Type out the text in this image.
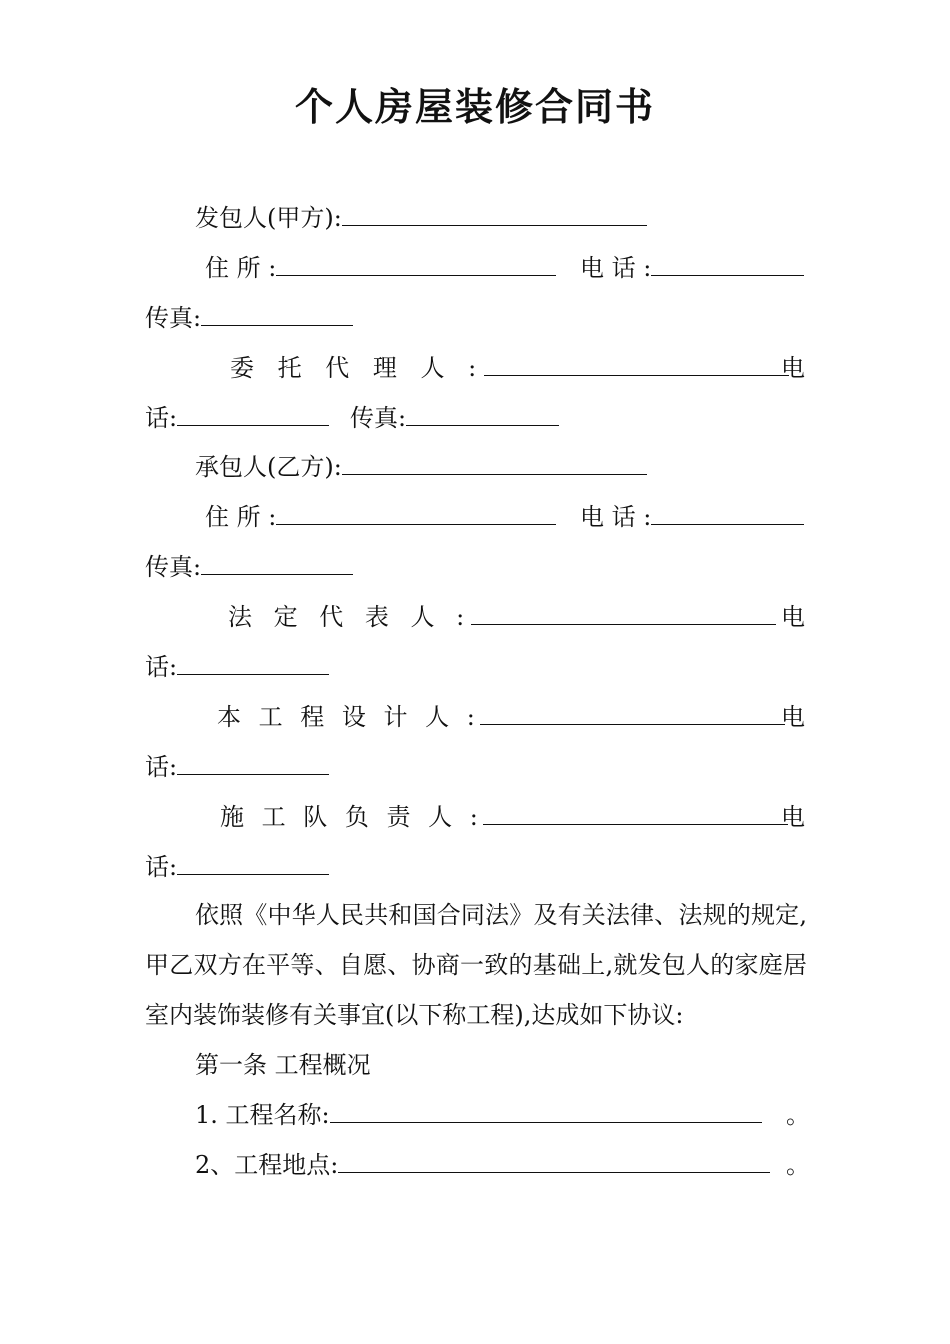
个人房屋装修合同书
发包人(甲方):
住 所 :	电 话 :
传真:
委 托 代 理 人 :	电
话:	传真:
承包人(乙方):
住 所 :	电 话 :
传真:
法 定 代 表 人 :	电
话:
本 工 程 设 计 人 :	电
话:
施 工 队 负 责 人 :	电
话:
依照《中华人民共和国合同法》及有关法律、法规的规定,甲乙双方在平等、自愿、协商一致的基础上,就发包人的家庭居室内装饰装修有关事宜(以下称工程),达成如下协议:
第一条 工程概况
1. 工程名称:	。
2、工程地点:	。
